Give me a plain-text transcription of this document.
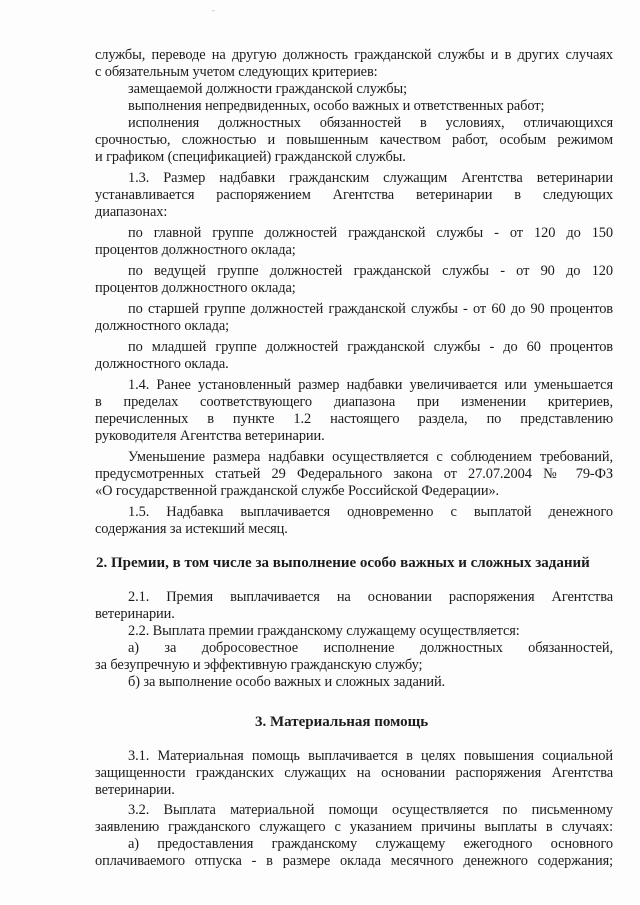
-
службы, переводе на другую должность гражданской службы и в других случаях
с обязательным учетом следующих критериев:
замещаемой должности гражданской службы;
выполнения непредвиденных, особо важных и ответственных работ;
исполнения должностных обязанностей в условиях, отличающихся
срочностью, сложностью и повышенным качеством работ, особым режимом
и графиком (спецификацией) гражданской службы.
1.3. Размер надбавки гражданским служащим Агентства ветеринарии
устанавливается распоряжением Агентства ветеринарии в следующих
диапазонах:
по главной группе должностей гражданской службы - от 120 до 150
процентов должностного оклада;
по ведущей группе должностей гражданской службы - от 90 до 120
процентов должностного оклада;
по старшей группе должностей гражданской службы - от 60 до 90 процентов
должностного оклада;
по младшей группе должностей гражданской службы - до 60 процентов
должностного оклада.
1.4. Ранее установленный размер надбавки увеличивается или уменьшается
в пределах соответствующего диапазона при изменении критериев,
перечисленных в пункте 1.2 настоящего раздела, по представлению
руководителя Агентства ветеринарии.
Уменьшение размера надбавки осуществляется с соблюдением требований,
предусмотренных статьей 29 Федерального закона от 27.07.2004 № 79-ФЗ
«О государственной гражданской службе Российской Федерации».
1.5. Надбавка выплачивается одновременно с выплатой денежного
содержания за истекший месяц.
2. Премии, в том числе за выполнение особо важных и сложных заданий
2.1. Премия выплачивается на основании распоряжения Агентства
ветеринарии.
2.2. Выплата премии гражданскому служащему осуществляется:
а) за добросовестное исполнение должностных обязанностей,
за безупречную и эффективную гражданскую службу;
б) за выполнение особо важных и сложных заданий.
3. Материальная помощь
3.1. Материальная помощь выплачивается в целях повышения социальной
защищенности гражданских служащих на основании распоряжения Агентства
ветеринарии.
3.2. Выплата материальной помощи осуществляется по письменному
заявлению гражданского служащего с указанием причины выплаты в случаях:
а) предоставления гражданскому служащему ежегодного основного
оплачиваемого отпуска - в размере оклада месячного денежного содержания;
